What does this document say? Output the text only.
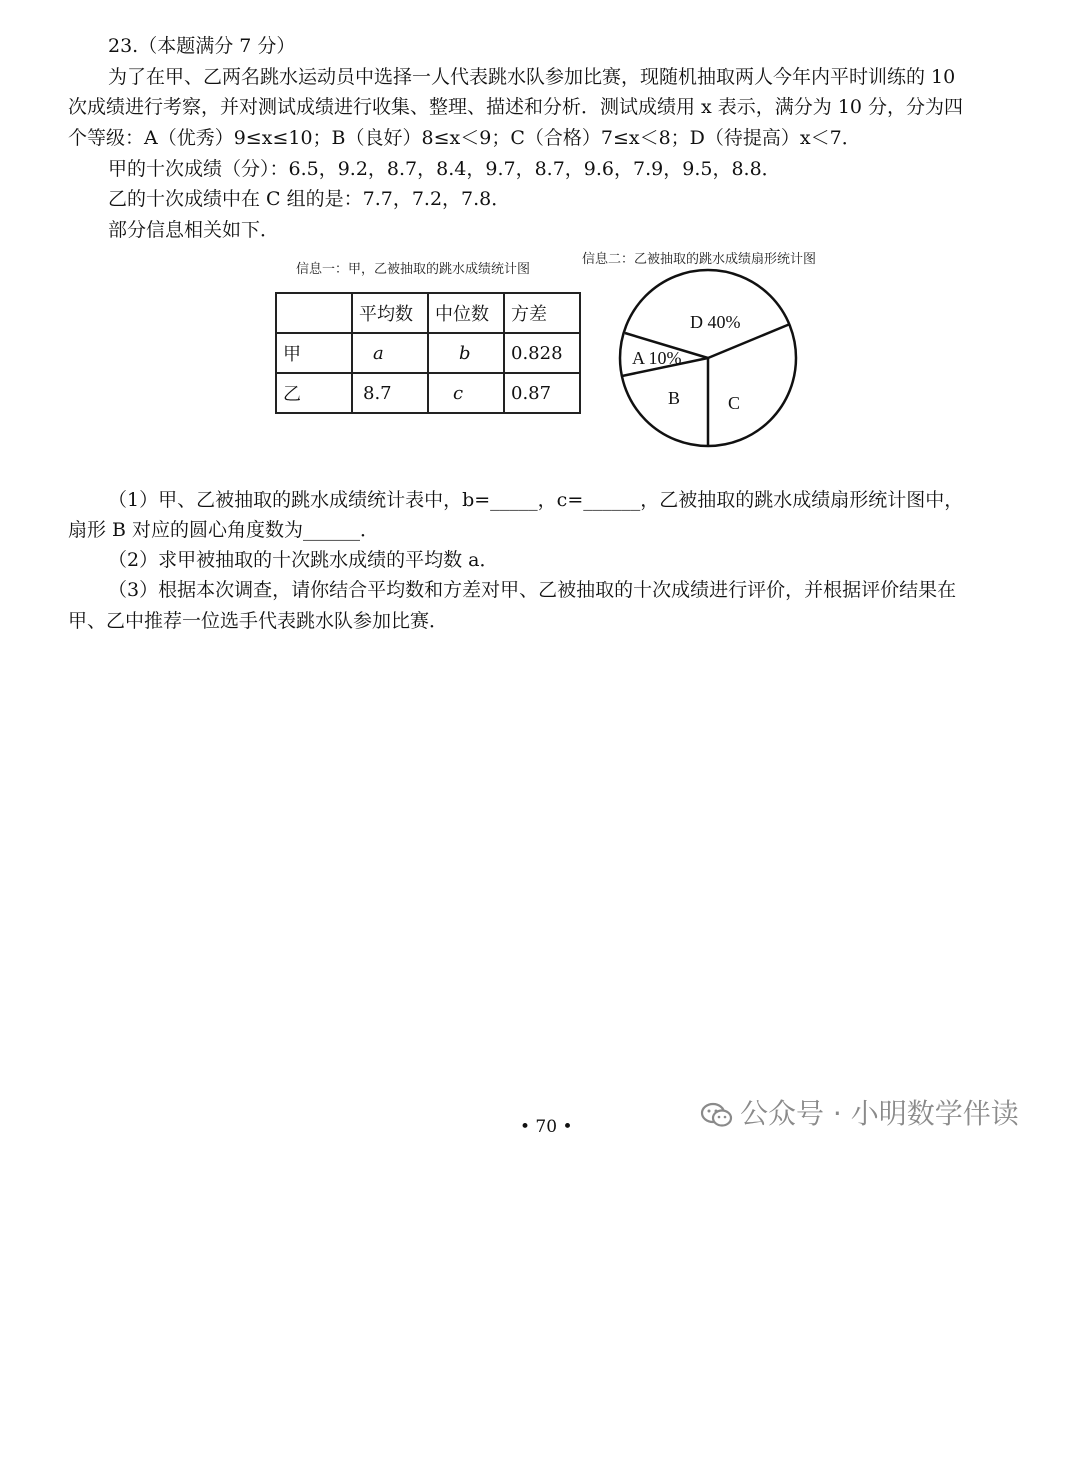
23.（本题满分 7 分）
为了在甲、乙两名跳水运动员中选择一人代表跳水队参加比赛，现随机抽取两人今年内平时训练的 10
次成绩进行考察，并对测试成绩进行收集、整理、描述和分析．测试成绩用 x 表示，满分为 10 分，分为四
个等级：A（优秀）9≤x≤10；B（良好）8≤x＜9；C（合格）7≤x＜8；D（待提高）x＜7．
甲的十次成绩（分）：6.5，9.2，8.7，8.4，9.7，8.7，9.6，7.9，9.5，8.8．
乙的十次成绩中在 C 组的是：7.7，7.2，7.8．
部分信息相关如下．
信息一：甲，乙被抽取的跳水成绩统计图
信息二：乙被抽取的跳水成绩扇形统计图
	平均数	中位数	方差
甲	a	b	0.828
乙	8.7	c	0.87
D 40%
A 10%
B	C
（1）甲、乙被抽取的跳水成绩统计表中，b=_____，c=______，乙被抽取的跳水成绩扇形统计图中，
扇形 B 对应的圆心角度数为______．
（2）求甲被抽取的十次跳水成绩的平均数 a．
（3）根据本次调查，请你结合平均数和方差对甲、乙被抽取的十次成绩进行评价，并根据评价结果在
甲、乙中推荐一位选手代表跳水队参加比赛．
• 70 •	公众号 · 小明数学伴读
